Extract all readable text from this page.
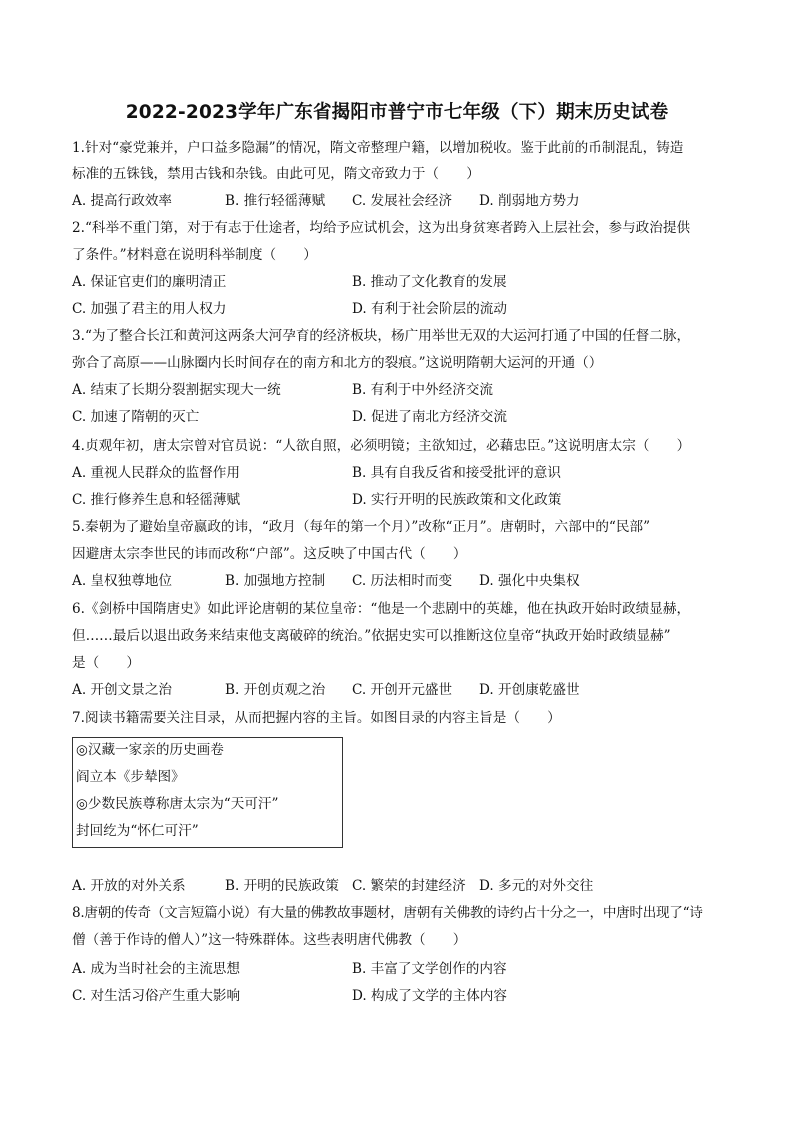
2022-2023学年广东省揭阳市普宁市七年级（下）期末历史试卷
1.针对“豪党兼并，户口益多隐漏”的情况，隋文帝整理户籍，以增加税收。鉴于此前的币制混乱，铸造
标准的五铢钱，禁用古钱和杂钱。由此可见，隋文帝致力于（　　）
A. 提高行政效率	B. 推行轻徭薄赋 C. 发展社会经济 D. 削弱地方势力
2.“科举不重门第，对于有志于仕途者，均给予应试机会，这为出身贫寒者跨入上层社会，参与政治提供
了条件。”材料意在说明科举制度（　　）
A. 保证官吏们的廉明清正	B. 推动了文化教育的发展
C. 加强了君主的用人权力	D. 有利于社会阶层的流动
3.“为了整合长江和黄河这两条大河孕育的经济板块，杨广用举世无双的大运河打通了中国的任督二脉，
弥合了高原——山脉圈内长时间存在的南方和北方的裂痕。”这说明隋朝大运河的开通（）
A. 结束了长期分裂割据实现大一统	B. 有利于中外经济交流
C. 加速了隋朝的灭亡	D. 促进了南北方经济交流
4.贞观年初，唐太宗曾对官员说：“人欲自照，必须明镜；主欲知过，必藉忠臣。”这说明唐太宗（　　）
A. 重视人民群众的监督作用	B. 具有自我反省和接受批评的意识
C. 推行修养生息和轻徭薄赋	D. 实行开明的民族政策和文化政策
5.秦朝为了避始皇帝嬴政的讳，“政月（每年的第一个月）”改称“正月”。唐朝时，六部中的“民部”
因避唐太宗李世民的讳而改称“户部”。这反映了中国古代（　　）
A. 皇权独尊地位	B. 加强地方控制 C. 历法相时而变 D. 强化中央集权
6.《剑桥中国隋唐史》如此评论唐朝的某位皇帝：“他是一个悲剧中的英雄，他在执政开始时政绩显赫，
但……最后以退出政务来结束他支离破碎的统治。”依据史实可以推断这位皇帝“执政开始时政绩显赫”
是（　　）
A. 开创文景之治	B. 开创贞观之治 C. 开创开元盛世 D. 开创康乾盛世
7.阅读书籍需要关注目录，从而把握内容的主旨。如图目录的内容主旨是（　　）
◎汉藏一家亲的历史画卷
阎立本《步辇图》
◎少数民族尊称唐太宗为“天可汗”
封回纥为“怀仁可汗”
A. 开放的对外关系	B. 开明的民族政策 C. 繁荣的封建经济 D. 多元的对外交往
8.唐朝的传奇（文言短篇小说）有大量的佛教故事题材，唐朝有关佛教的诗约占十分之一，中唐时出现了“诗
僧（善于作诗的僧人）”这一特殊群体。这些表明唐代佛教（　　）
A. 成为当时社会的主流思想	B. 丰富了文学创作的内容
C. 对生活习俗产生重大影响	D. 构成了文学的主体内容
